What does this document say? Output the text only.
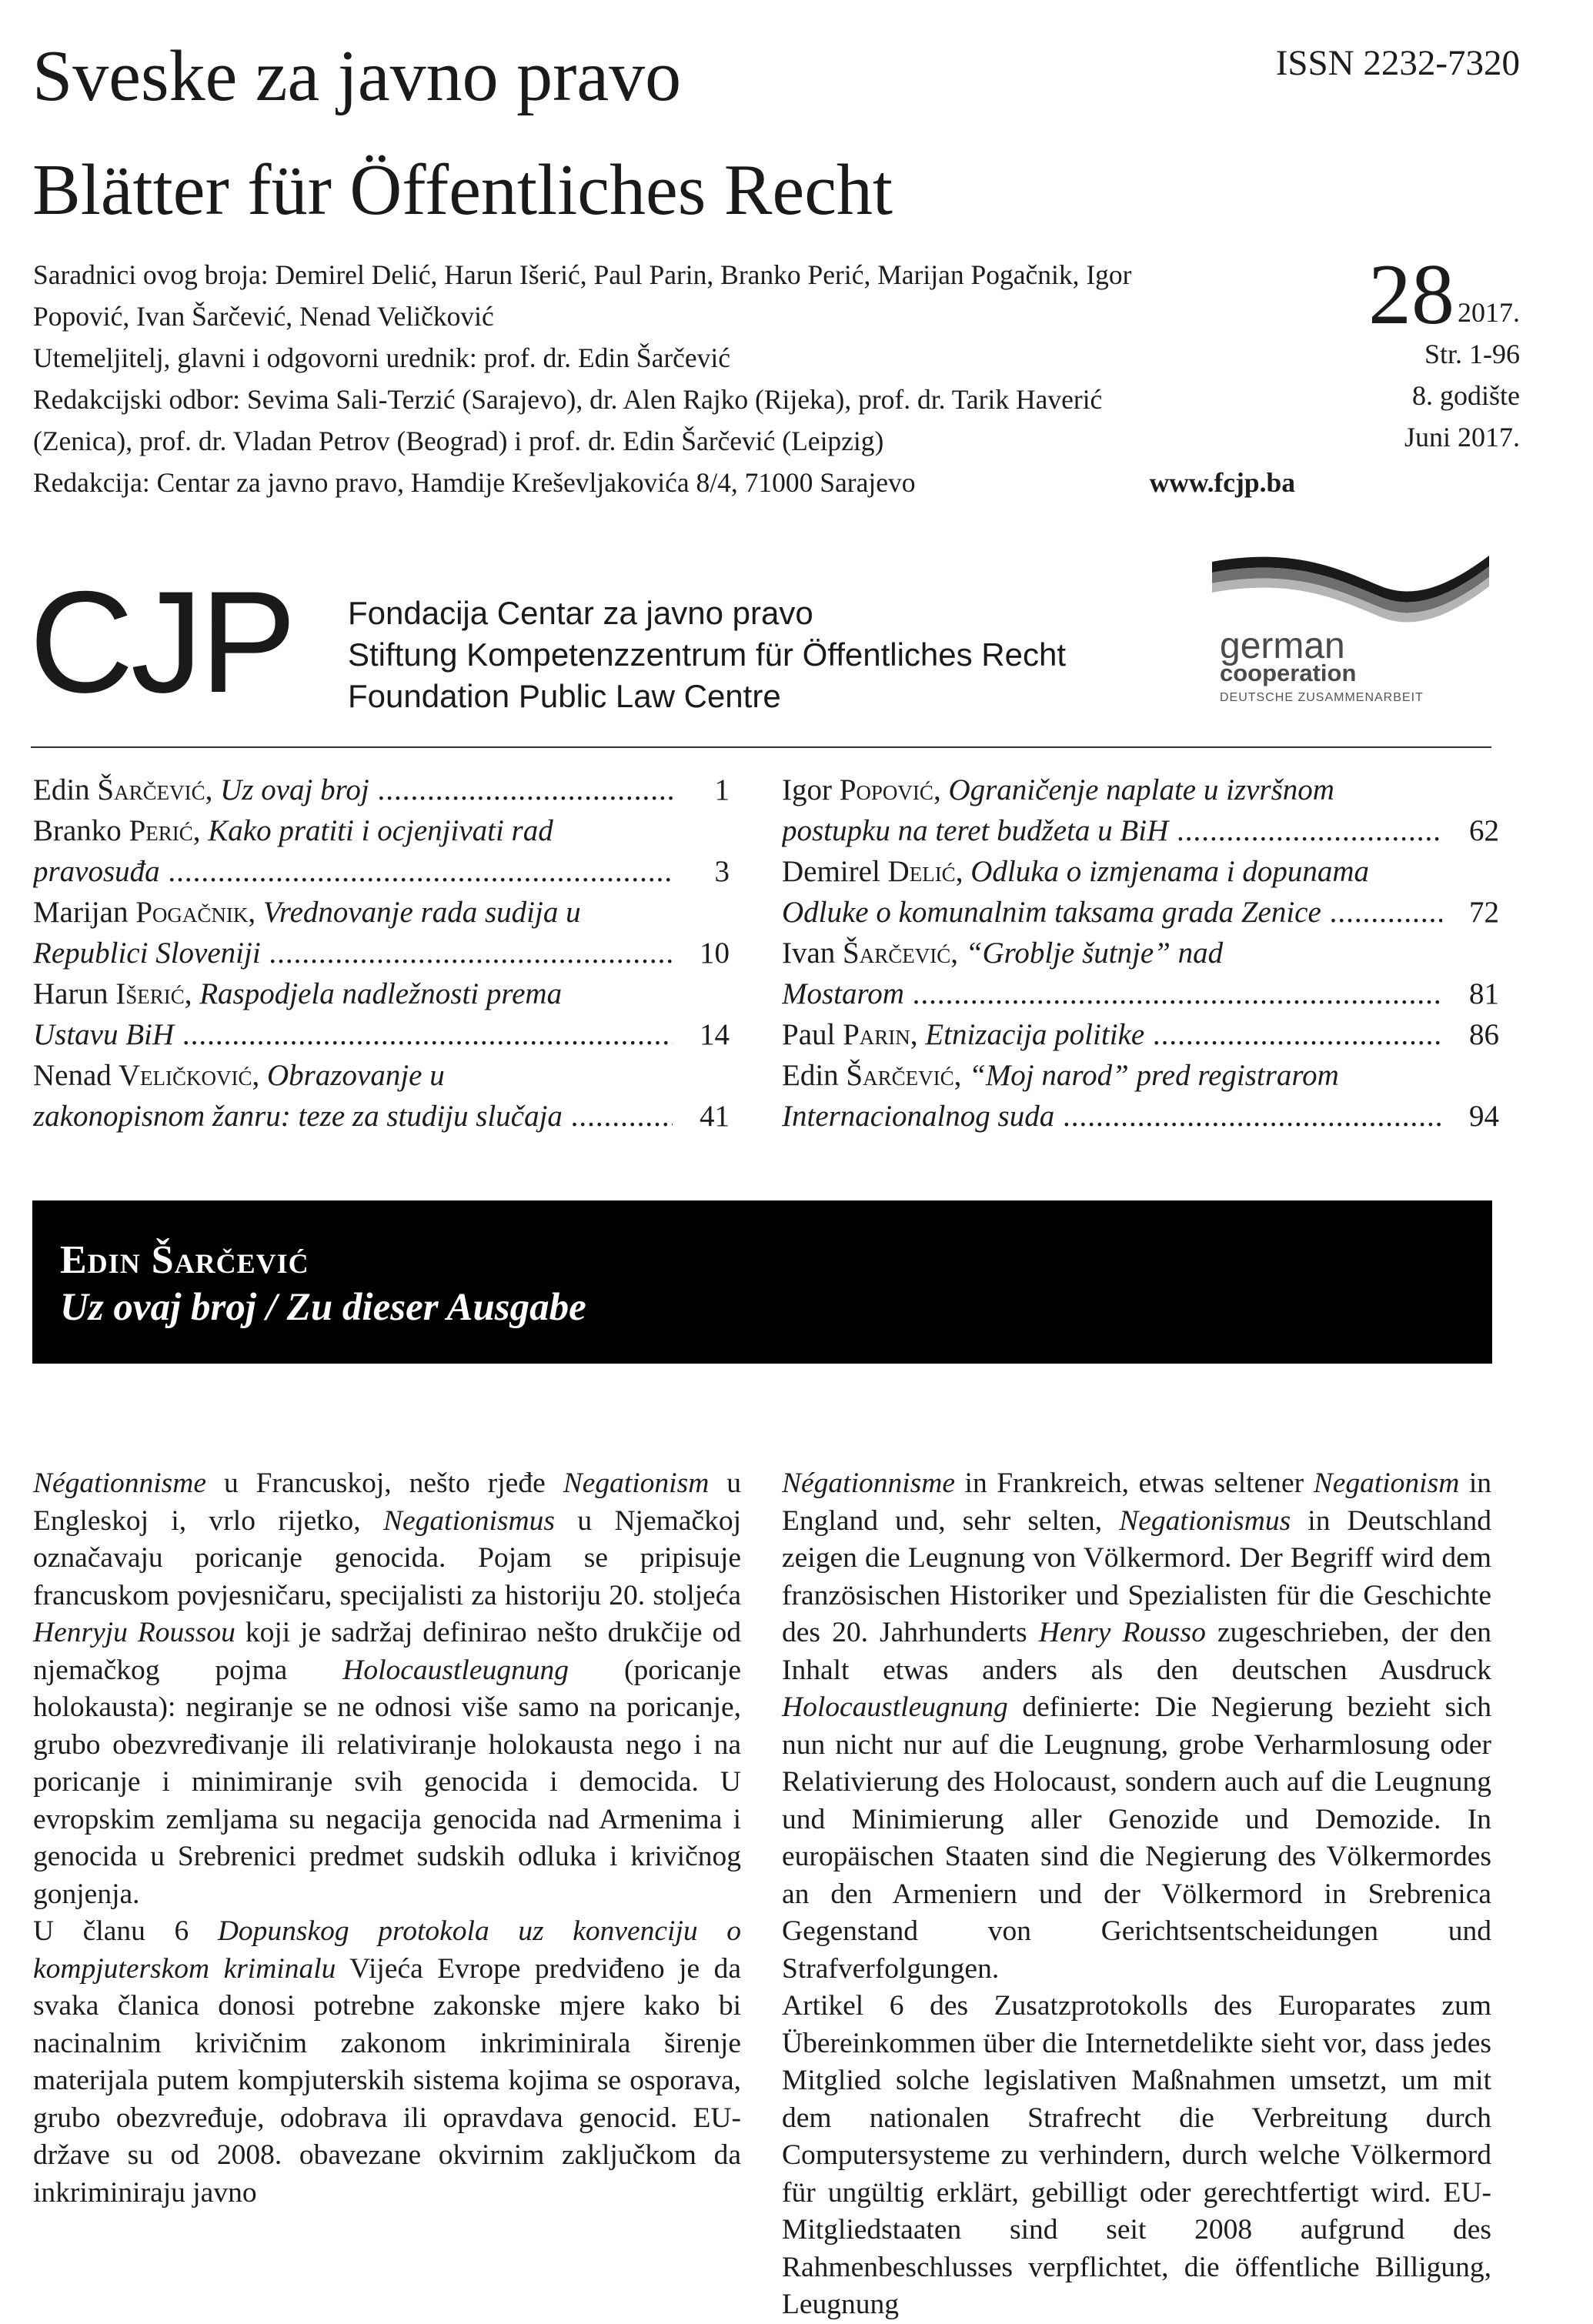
Sveske za javno pravo
Blätter für Öffentliches Recht
ISSN 2232-7320
Saradnici ovog broja: Demirel Delić, Harun Išerić, Paul Parin, Branko Perić, Marijan Pogačnik, Igor
Popović, Ivan Šarčević, Nenad Veličković
Utemeljitelj, glavni i odgovorni urednik: prof. dr. Edin Šarčević
Redakcijski odbor: Sevima Sali-Terzić (Sarajevo), dr. Alen Rajko (Rijeka), prof. dr. Tarik Haverić
(Zenica), prof. dr. Vladan Petrov (Beograd) i prof. dr. Edin Šarčević (Leipzig)
Redakcija: Centar za javno pravo, Hamdije Kreševljakovića 8/4, 71000 Sarajevo	www.fcjp.ba
28 2017.
Str. 1-96
8. godište
Juni 2017.
CJP Fondacija Centar za javno pravo
Stiftung Kompetenzzentrum für Öffentliches Recht
Foundation Public Law Centre
german
cooperation
DEUTSCHE ZUSAMMENARBEIT
Edin Šarčević, Uz ovaj broj	1
.....
Branko Perić, Kako pratiti i ocjenjivati rad
pravosuđa	3
.....
Marijan Pogačnik, Vrednovanje rada sudija u
Republici Sloveniji	10
.....
Harun Išerić, Raspodjela nadležnosti prema
Ustavu BiH	14
.....
Nenad Veličković, Obrazovanje u
zakonopisnom žanru: teze za studiju slučaja	41
.....
Igor Popović, Ograničenje naplate u izvršnom
postupku na teret budžeta u BiH	62
.....
Demirel Delić, Odluka o izmjenama i dopunama
Odluke o komunalnim taksama grada Zenice	72
.....
Ivan Šarčević, “Groblje šutnje” nad
Mostarom	81
.....
Paul Parin, Etnizacija politike	86
.....
Edin Šarčević, “Moj narod” pred registrarom
Internacionalnog suda	94
.....
Edin Šarčević
Uz ovaj broj / Zu dieser Ausgabe

Négationnisme u Francuskoj, nešto rjeđe Negationism u Engleskoj i, vrlo rijetko, Negationismus u Njemačkoj označavaju poricanje genocida. Pojam se pripisuje francuskom povjesničaru, specijalisti za historiju 20. stoljeća Henryju Roussou koji je sadržaj definirao nešto drukčije od njemačkog pojma Holocaustleugnung (poricanje holokausta): negiranje se ne odnosi više samo na poricanje, grubo obezvređivanje ili relativiranje holokausta nego i na poricanje i minimiranje svih genocida i democida. U evropskim zemljama su negacija genocida nad Armenima i genocida u Srebrenici predmet sudskih odluka i krivičnog gonjenja.

U članu 6 Dopunskog protokola uz konvenciju o kompjuterskom kriminalu Vijeća Evrope predviđeno je da svaka članica donosi potrebne zakonske mjere kako bi nacinalnim krivičnim zakonom inkriminirala širenje materijala putem kompjuterskih sistema kojima se osporava, grubo obezvređuje, odobrava ili opravdava genocid. EU-države su od 2008. obavezane okvirnim zaključkom da inkriminiraju javno

Négationnisme in Frankreich, etwas seltener Negationism in England und, sehr selten, Negationismus in Deutschland zeigen die Leugnung von Völkermord. Der Begriff wird dem französischen Historiker und Spezialisten für die Geschichte des 20. Jahrhunderts Henry Rousso zugeschrieben, der den Inhalt etwas anders als den deutschen Ausdruck Holocaustleugnung definierte: Die Negierung bezieht sich nun nicht nur auf die Leugnung, grobe Verharmlosung oder Relativierung des Holocaust, sondern auch auf die Leugnung und Minimierung aller Genozide und Demozide. In europäischen Staaten sind die Negierung des Völkermordes an den Armeniern und der Völkermord in Srebrenica Gegenstand von Gerichtsentscheidungen und Strafverfolgungen.

Artikel 6 des Zusatzprotokolls des Europarates zum Übereinkommen über die Internetdelikte sieht vor, dass jedes Mitglied solche legislativen Maßnahmen umsetzt, um mit dem nationalen Strafrecht die Verbreitung durch Computersysteme zu verhindern, durch welche Völkermord für ungültig erklärt, gebilligt oder gerechtfertigt wird. EU-Mitgliedstaaten sind seit 2008 aufgrund des Rahmenbeschlusses verpflichtet, die öffentliche Billigung, Leugnung
